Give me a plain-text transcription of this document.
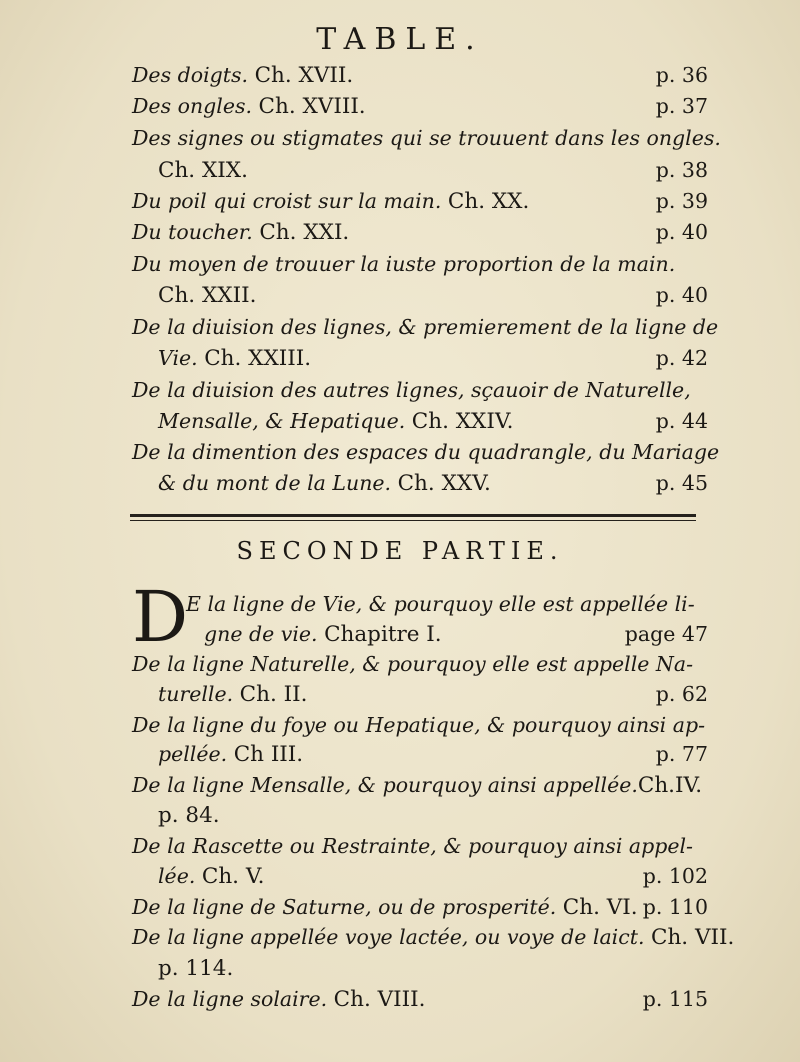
TABLE.
Des doigts. Ch. XVII.	p. 36
Des ongles. Ch. XVIII.	p. 37
Des signes ou stigmates qui se trouuent dans les ongles.
Ch. XIX.	p. 38
Du poil qui croist sur la main. Ch. XX.	p. 39
Du toucher. Ch. XXI.	p. 40
Du moyen de trouuer la iuste proportion de la main.
Ch. XXII.	p. 40
De la diuision des lignes, & premierement de la ligne de
Vie. Ch. XXIII.	p. 42
De la diuision des autres lignes, sçauoir de Naturelle,
Mensalle, & Hepatique. Ch. XXIV.	p. 44
De la dimention des espaces du quadrangle, du Mariage
& du mont de la Lune. Ch. XXV.	p. 45
SECONDE PARTIE.
D
E la ligne de Vie, & pourquoy elle est appellée li-
gne de vie. Chapitre I.	page 47
De la ligne Naturelle, & pourquoy elle est appelle Na-
turelle. Ch. II.	p. 62
De la ligne du foye ou Hepatique, & pourquoy ainsi ap-
pellée. Ch III.	p. 77
De la ligne Mensalle, & pourquoy ainsi appellée.Ch.IV.
p. 84.
De la Rascette ou Restrainte, & pourquoy ainsi appel-
lée. Ch. V.	p. 102
De la ligne de Saturne, ou de prosperité. Ch. VI. p. 110
De la ligne appellée voye lactée, ou voye de laict. Ch. VII.
p. 114.
De la ligne solaire. Ch. VIII.	p. 115
